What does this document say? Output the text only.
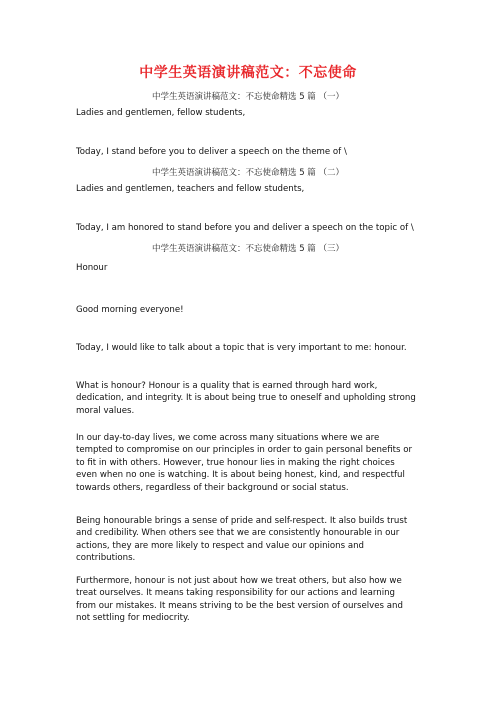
中学生英语演讲稿范文：不忘使命
中学生英语演讲稿范文：不忘使命精选 5 篇 （一）

Ladies and gentlemen, fellow students,

Today, I stand before you to deliver a speech on the theme of \

中学生英语演讲稿范文：不忘使命精选 5 篇 （二）

Ladies and gentlemen, teachers and fellow students,

Today, I am honored to stand before you and deliver a speech on the topic of \

中学生英语演讲稿范文：不忘使命精选 5 篇 （三）

Honour

Good morning everyone!

Today, I would like to talk about a topic that is very important to me: honour.

What is honour? Honour is a quality that is earned through hard work, dedication, and integrity. It is about being true to oneself and upholding strong moral values.

In our day-to-day lives, we come across many situations where we are tempted to compromise on our principles in order to gain personal benefits or to fit in with others. However, true honour lies in making the right choices even when no one is watching. It is about being honest, kind, and respectful towards others, regardless of their background or social status.

Being honourable brings a sense of pride and self-respect. It also builds trust and credibility. When others see that we are consistently honourable in our actions, they are more likely to respect and value our opinions and contributions.

Furthermore, honour is not just about how we treat others, but also how we treat ourselves. It means taking responsibility for our actions and learning from our mistakes. It means striving to be the best version of ourselves and not settling for mediocrity.
